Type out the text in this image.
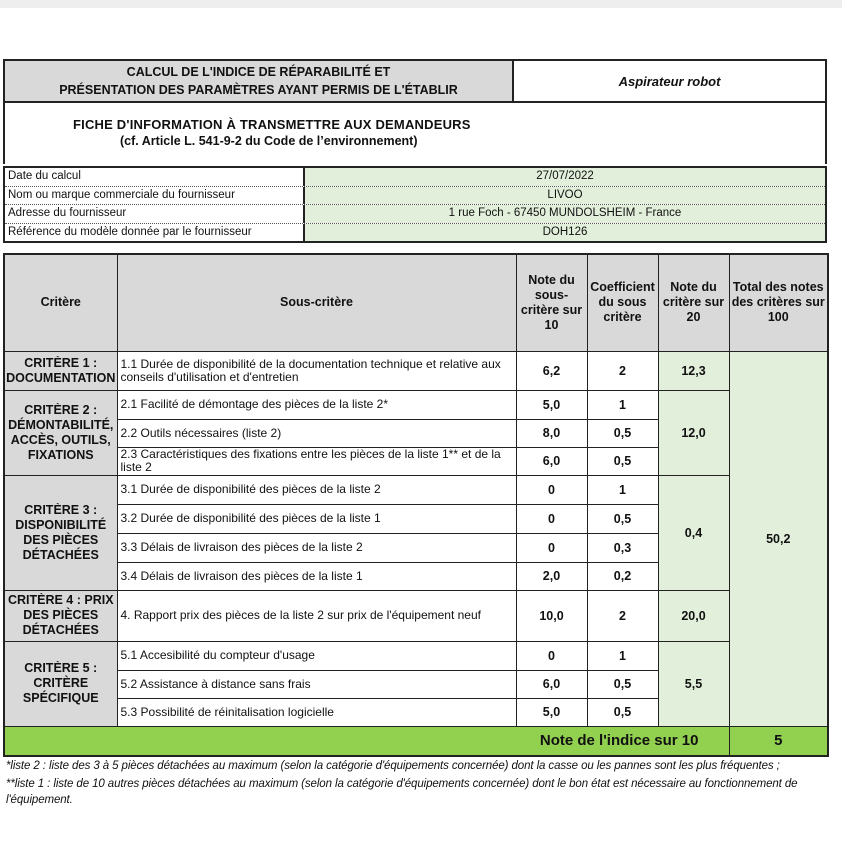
CALCUL DE L'INDICE DE RÉPARABILITÉ ET
PRÉSENTATION DES PARAMÈTRES AYANT PERMIS DE L'ÉTABLIR
Aspirateur robot
FICHE D'INFORMATION À TRANSMETTRE AUX DEMANDEURS
(cf. Article L. 541-9-2 du Code de l’environnement)
Date du calcul	27/07/2022
Nom ou marque commerciale du fournisseur	LIVOO
Adresse du fournisseur	1 rue Foch - 67450 MUNDOLSHEIM - France
Référence du modèle donnée par le fournisseur	DOH126
Critère	Sous-critère	Note du sous-critère sur 10	Coefficient du sous critère	Note du critère sur 20	Total des notes des critères sur 100

CRITÈRE 1 : DOCUMENTATION	1.1 Durée de disponibilité de la documentation technique et relative aux conseils d'utilisation et d'entretien	6,2	2	12,3	50,2

CRITÈRE 2 : DÉMONTABILITÉ, ACCÈS, OUTILS, FIXATIONS	2.1 Facilité de démontage des pièces de la liste 2*	5,0	1	12,0	
	2.2 Outils nécessaires (liste 2)	8,0	0,5		
	2.3 Caractéristiques des fixations entre les pièces de la liste 1** et de la liste 2	6,0	0,5		

CRITÈRE 3 : DISPONIBILITÉ DES PIÈCES DÉTACHÉES	3.1 Durée de disponibilité des pièces de la liste 2	0	1	0,4	
	3.2 Durée de disponibilité des pièces de la liste 1	0	0,5		
	3.3 Délais de livraison des pièces de la liste 2	0	0,3		
	3.4 Délais de livraison des pièces de la liste 1	2,0	0,2		

CRITÈRE 4 : PRIX DES PIÈCES DÉTACHÉES	4. Rapport prix des pièces de la liste 2 sur prix de l'équipement neuf	10,0	2	20,0	

CRITÈRE 5 : CRITÈRE SPÉCIFIQUE	5.1 Accesibilité du compteur d'usage	0	1	5,5	
	5.2 Assistance à distance sans frais	6,0	0,5		
	5.3 Possibilité de réinitalisation logicielle	5,0	0,5		
Note de l'indice sur 10					5

*liste 2 : liste des 3 à 5 pièces détachées au maximum (selon la catégorie d'équipements concernée) dont la casse ou les pannes sont les plus fréquentes ;

**liste 1 : liste de 10 autres pièces détachées au maximum (selon la catégorie d'équipements concernée) dont le bon état est nécessaire au fonctionnement de l'équipement.
